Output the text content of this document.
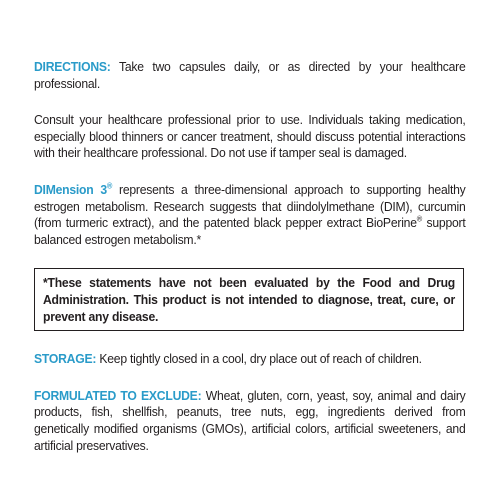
DIRECTIONS: Take two capsules daily, or as directed by your healthcare professional.

Consult your healthcare professional prior to use. Individuals taking medication, especially blood thinners or cancer treatment, should discuss potential interactions with their healthcare professional. Do not use if tamper seal is damaged.

DIMension 3® represents a three-dimensional approach to supporting healthy estrogen metabolism. Research suggests that diindolylmethane (DIM), curcumin (from turmeric extract), and the patented black pepper extract BioPerine® support balanced estrogen metabolism.*

*These statements have not been evaluated by the Food and Drug Administration. This product is not intended to diagnose, treat, cure, or prevent any disease.

STORAGE: Keep tightly closed in a cool, dry place out of reach of children.

FORMULATED TO EXCLUDE: Wheat, gluten, corn, yeast, soy, animal and dairy products, fish, shellfish, peanuts, tree nuts, egg, ingredients derived from genetically modified organisms (GMOs), artificial colors, artificial sweeteners, and artificial preservatives.
